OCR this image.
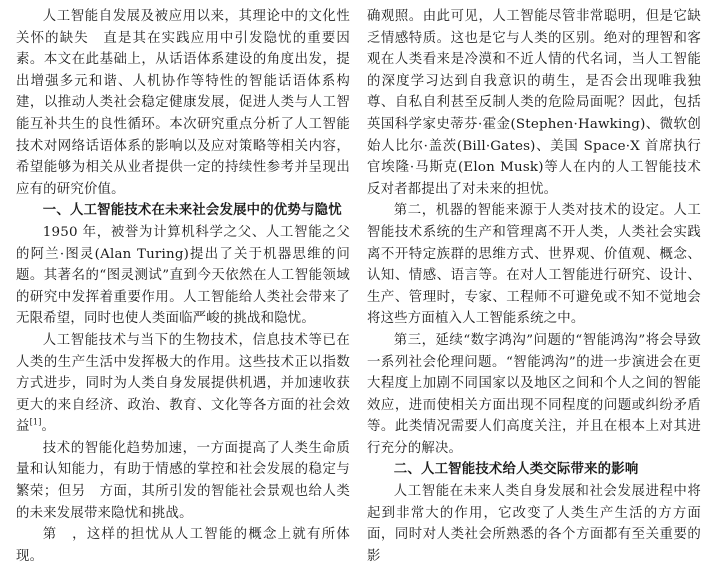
人工智能自发展及被应用以来，其理论中的文化性关怀的缺失　直是其在实践应用中引发隐忧的重要因素。本文在此基础上，从话语体系建设的角度出发，提出增强多元和谐、人机协作等特性的智能话语体系构建，以推动人类社会稳定健康发展，促进人类与人工智能互补共生的良性循环。本次研究重点分析了人工智能技术对网络话语体系的影响以及应对策略等相关内容，希望能够为相关从业者提供一定的持续性参考并呈现出应有的研究价值。

一、人工智能技术在未来社会发展中的优势与隐忧

1950 年，被誉为计算机科学之父、人工智能之父的阿兰·图灵(Alan Turing)提出了关于机器思维的问题。其著名的“图灵测试”直到今天依然在人工智能领域的研究中发挥着重要作用。人工智能给人类社会带来了无限希望，同时也使人类面临严峻的挑战和隐忧。

人工智能技术与当下的生物技术，信息技术等已在人类的生产生活中发挥极大的作用。这些技术正以指数方式进步，同时为人类自身发展提供机遇，并加速收获更大的来自经济、政治、教育、文化等各方面的社会效益[1]。

技术的智能化趋势加速，一方面提高了人类生命质量和认知能力，有助于情感的掌控和社会发展的稳定与繁荣；但另　方面，其所引发的智能社会景观也给人类的未来发展带来隐忧和挑战。

第　，这样的担忧从人工智能的概念上就有所体现。

确观照。由此可见，人工智能尽管非常聪明，但是它缺乏情感特质。这也是它与人类的区别。绝对的理智和客观在人类看来是冷漠和不近人情的代名词，当人工智能的深度学习达到自我意识的萌生，是否会出现唯我独尊、自私自利甚至反制人类的危险局面呢？因此，包括英国科学家史蒂芬·霍金(Stephen·Hawking)、微软创始人比尔·盖茨(Bill·Gates)、美国 Space·X 首席执行官埃隆·马斯克(Elon Musk)等人在内的人工智能技术反对者都提出了对未来的担忧。

第二，机器的智能来源于人类对技术的设定。人工智能技术系统的生产和管理离不开人类，人类社会实践离不开特定族群的思维方式、世界观、价值观、概念、认知、情感、语言等。在对人工智能进行研究、设计、生产、管理时，专家、工程师不可避免或不知不觉地会将这些方面植入人工智能系统之中。

第三，延续“数字鸿沟”问题的“智能鸿沟”将会导致一系列社会伦理问题。“智能鸿沟”的进一步演进会在更大程度上加剧不同国家以及地区之间和个人之间的智能效应，进而使相关方面出现不同程度的问题或纠纷矛盾等。此类情况需要人们高度关注，并且在根本上对其进行充分的解决。

二、人工智能技术给人类交际带来的影响

人工智能在未来人类自身发展和社会发展进程中将起到非常大的作用，它改变了人类生产生活的方方面面，同时对人类社会所熟悉的各个方面都有至关重要的影
